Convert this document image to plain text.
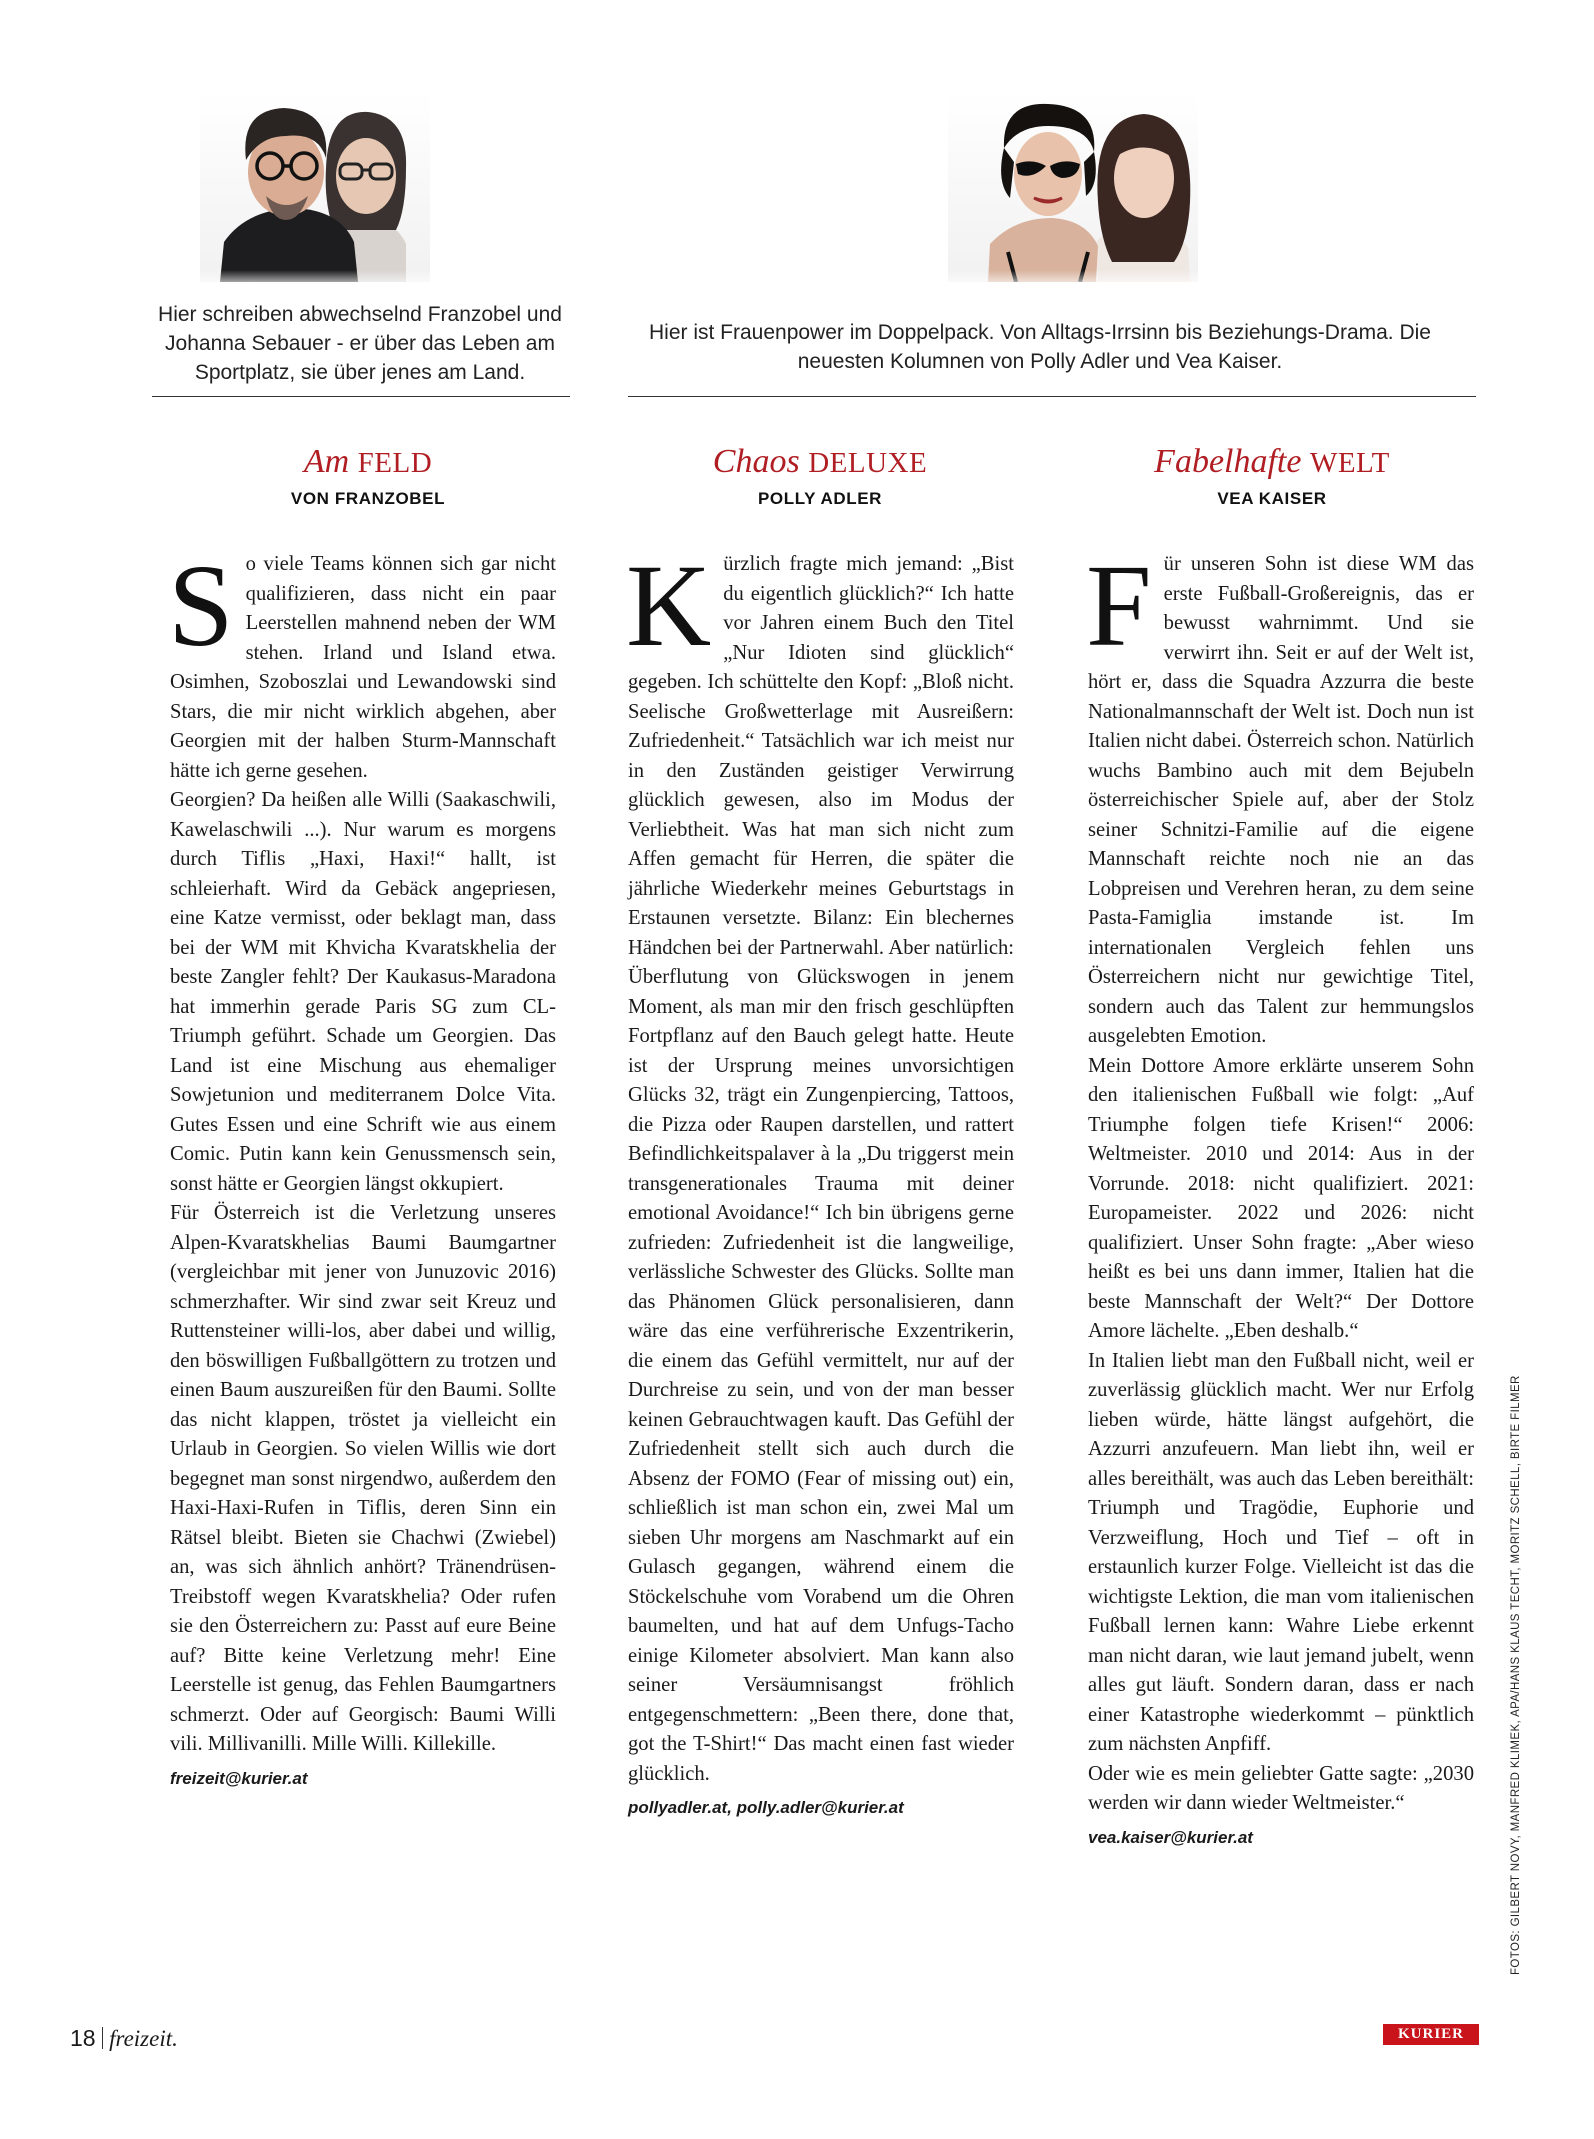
Hier schreiben abwechselnd Franzobel und Johanna Sebauer - er über das Leben am Sportplatz, sie über jenes am Land.
Hier ist Frauenpower im Doppelpack. Von Alltags-Irrsinn bis Beziehungs-Drama. Die neuesten Kolumnen von Polly Adler und Vea Kaiser.
Am FELD
VON FRANZOBEL

So viele Teams können sich gar nicht qualifizieren, dass nicht ein paar Leerstellen mahnend neben der WM stehen. Irland und Island etwa. Osimhen, Szoboszlai und Lewandowski sind Stars, die mir nicht wirklich abgehen, aber Georgien mit der halben Sturm-Mannschaft hätte ich gerne gesehen.

Georgien? Da heißen alle Willi (Saakaschwili, Kawelaschwili ...). Nur warum es morgens durch Tiflis „Haxi, Haxi!“ hallt, ist schleierhaft. Wird da Gebäck angepriesen, eine Katze vermisst, oder beklagt man, dass bei der WM mit Khvicha Kvaratskhelia der beste Zangler fehlt? Der Kaukasus-Maradona hat immerhin gerade Paris SG zum CL-Triumph geführt. Schade um Georgien. Das Land ist eine Mischung aus ehemaliger Sowjetunion und mediterranem Dolce Vita. Gutes Essen und eine Schrift wie aus einem Comic. Putin kann kein Genussmensch sein, sonst hätte er Georgien längst okkupiert.

Für Österreich ist die Verletzung unseres Alpen-Kvaratskhelias Baumi Baumgartner (vergleichbar mit jener von Junuzovic 2016) schmerzhafter. Wir sind zwar seit Kreuz und Ruttensteiner willi-los, aber dabei und willig, den böswilligen Fußballgöttern zu trotzen und einen Baum auszureißen für den Baumi. Sollte das nicht klappen, tröstet ja vielleicht ein Urlaub in Georgien. So vielen Willis wie dort begegnet man sonst nirgendwo, außerdem den Haxi-Haxi-Rufen in Tiflis, deren Sinn ein Rätsel bleibt. Bieten sie Chachwi (Zwiebel) an, was sich ähnlich anhört? Tränendrüsen-Treibstoff wegen Kvaratskhelia? Oder rufen sie den Österreichern zu: Passt auf eure Beine auf? Bitte keine Verletzung mehr! Eine Leerstelle ist genug, das Fehlen Baumgartners schmerzt. Oder auf Georgisch: Baumi Willi vili. Millivanilli. Mille Willi. Killekille.

freizeit@kurier.at
Chaos DELUXE
POLLY ADLER

Kürzlich fragte mich jemand: „Bist du eigentlich glücklich?“ Ich hatte vor Jahren einem Buch den Titel „Nur Idioten sind glücklich“ gegeben. Ich schüttelte den Kopf: „Bloß nicht. Seelische Großwetterlage mit Ausreißern: Zufriedenheit.“ Tatsächlich war ich meist nur in den Zuständen geistiger Verwirrung glücklich gewesen, also im Modus der Verliebtheit. Was hat man sich nicht zum Affen gemacht für Herren, die später die jährliche Wiederkehr meines Geburtstags in Erstaunen versetzte. Bilanz: Ein blechernes Händchen bei der Partnerwahl. Aber natürlich: Überflutung von Glückswogen in jenem Moment, als man mir den frisch geschlüpften Fortpflanz auf den Bauch gelegt hatte. Heute ist der Ursprung meines unvorsichtigen Glücks 32, trägt ein Zungenpiercing, Tattoos, die Pizza oder Raupen darstellen, und rattert Befindlichkeitspalaver à la „Du triggerst mein transgenerationales Trauma mit deiner emotional Avoidance!“ Ich bin übrigens gerne zufrieden: Zufriedenheit ist die langweilige, verlässliche Schwester des Glücks. Sollte man das Phänomen Glück personalisieren, dann wäre das eine verführerische Exzentrikerin, die einem das Gefühl vermittelt, nur auf der Durchreise zu sein, und von der man besser keinen Gebrauchtwagen kauft. Das Gefühl der Zufriedenheit stellt sich auch durch die Absenz der FOMO (Fear of missing out) ein, schließlich ist man schon ein, zwei Mal um sieben Uhr morgens am Naschmarkt auf ein Gulasch gegangen, während einem die Stöckelschuhe vom Vorabend um die Ohren baumelten, und hat auf dem Unfugs-Tacho einige Kilometer absolviert. Man kann also seiner Versäumnisangst fröhlich entgegenschmettern: „Been there, done that, got the T-Shirt!“ Das macht einen fast wieder glücklich.

pollyadler.at, polly.adler@kurier.at
Fabelhafte WELT
VEA KAISER

Für unseren Sohn ist diese WM das erste Fußball-Großereignis, das er bewusst wahrnimmt. Und sie verwirrt ihn. Seit er auf der Welt ist, hört er, dass die Squadra Azzurra die beste Nationalmannschaft der Welt ist. Doch nun ist Italien nicht dabei. Österreich schon. Natürlich wuchs Bambino auch mit dem Bejubeln österreichischer Spiele auf, aber der Stolz seiner Schnitzi-Familie auf die eigene Mannschaft reichte noch nie an das Lobpreisen und Verehren heran, zu dem seine Pasta-Famiglia imstande ist. Im internationalen Vergleich fehlen uns Österreichern nicht nur gewichtige Titel, sondern auch das Talent zur hemmungslos ausgelebten Emotion.

Mein Dottore Amore erklärte unserem Sohn den italienischen Fußball wie folgt: „Auf Triumphe folgen tiefe Krisen!“ 2006: Weltmeister. 2010 und 2014: Aus in der Vorrunde. 2018: nicht qualifiziert. 2021: Europameister. 2022 und 2026: nicht qualifiziert. Unser Sohn fragte: „Aber wieso heißt es bei uns dann immer, Italien hat die beste Mannschaft der Welt?“ Der Dottore Amore lächelte. „Eben deshalb.“

In Italien liebt man den Fußball nicht, weil er zuverlässig glücklich macht. Wer nur Erfolg lieben würde, hätte längst aufgehört, die Azzurri anzufeuern. Man liebt ihn, weil er alles bereithält, was auch das Leben bereithält: Triumph und Tragödie, Euphorie und Verzweiflung, Hoch und Tief – oft in erstaunlich kurzer Folge. Vielleicht ist das die wichtigste Lektion, die man vom italienischen Fußball lernen kann: Wahre Liebe erkennt man nicht daran, wie laut jemand jubelt, wenn alles gut läuft. Sondern daran, dass er nach einer Katastrophe wiederkommt – pünktlich zum nächsten Anpfiff.

Oder wie es mein geliebter Gatte sagte: „2030 werden wir dann wieder Weltmeister.“

vea.kaiser@kurier.at	FOTOS: GILBERT NOVY, MANFRED KLIMEK, APA/HANS KLAUS TECHT, MORITZ SCHELL, BIRTE FILMER
18 freizeit.	KURIER
